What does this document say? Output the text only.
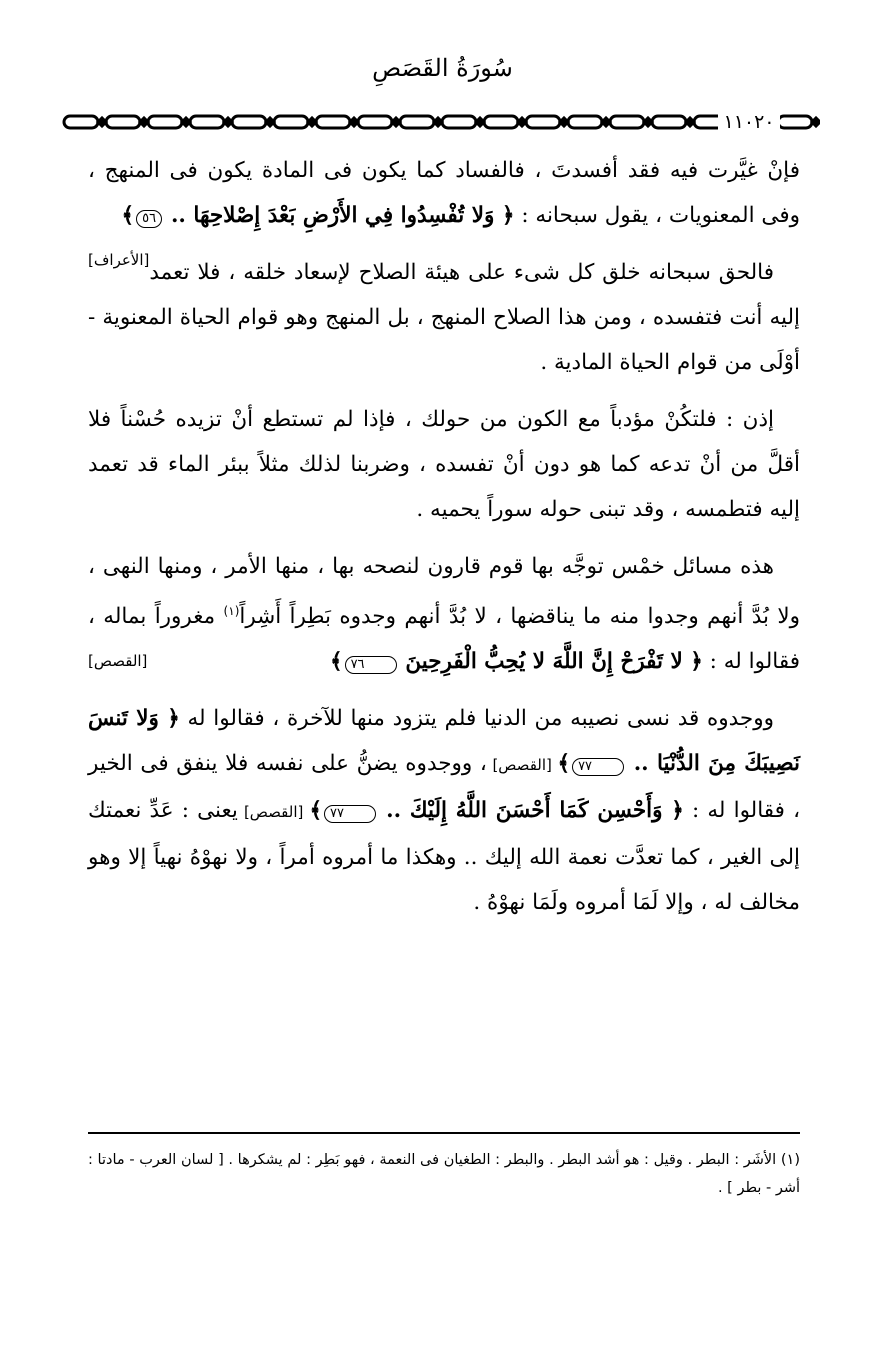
سُورَةُ القَصَصِ
١١٠٢٠

فإنْ غيَّرت فيه فقد أفسدتَ ، فالفساد كما يكون فى المادة يكون فى المنهج ، وفى المعنويات ، يقول سبحانه : ﴿ وَلا تُفْسِدُوا فِي الأَرْضِ بَعْدَ إِصْلاحِهَا .. ٥٦﴾
[الأعراف] فالحق سبحانه خلق كل شىء على هيئة الصلاح لإسعاد خلقه ، فلا تعمد إليه أنت فتفسده ، ومن هذا الصلاح المنهج ، بل المنهج وهو قوام الحياة المعنوية - أوْلَى من قوام الحياة المادية .

إذن : فلتكُنْ مؤدباً مع الكون من حولك ، فإذا لم تستطع أنْ تزيده حُسْناً فلا أقلَّ من أنْ تدعه كما هو دون أنْ تفسده ، وضربنا لذلك مثلاً ببئر الماء قد تعمد إليه فتطمسه ، وقد تبنى حوله سوراً يحميه .

هذه مسائل خمْس توجَّه بها قوم قارون لنصحه بها ، منها الأمر ، ومنها النهى ، ولا بُدَّ أنهم وجدوا منه ما يناقضها ، لا بُدَّ أنهم وجدوه بَطِراً أَشِراً$^{(١)}$ مغروراً بماله ، فقالوا له : ﴿ لا تَفْرَحْ إِنَّ اللَّهَ لا يُحِبُّ الْفَرِحِينَ ٧٦﴾
[القصص]

ووجدوه قد نسى نصيبه من الدنيا فلم يتزود منها للآخرة ، فقالوا له ﴿ وَلا تَنسَ نَصِيبَكَ مِنَ الدُّنْيَا .. ٧٧﴾ [القصص] ، ووجدوه يضنُّ على نفسه فلا ينفق فى الخير ، فقالوا له : ﴿ وَأَحْسِن كَمَا أَحْسَنَ اللَّهُ إِلَيْكَ .. ٧٧﴾ [القصص] يعنى : عَدِّ نعمتك إلى الغير ، كما تعدَّت نعمة الله إليك .. وهكذا ما أمروه أمراً ، ولا نهوْهُ نهياً إلا وهو مخالف له ، وإلا لَمَا أمروه ولَمَا نهوْهُ .

(١) الأشَر : البطر . وقيل : هو أشد البطر . والبطر : الطغيان فى النعمة ، فهو بَطِر : لم يشكرها . [ لسان العرب - مادتا : أشر - بطر ] .
